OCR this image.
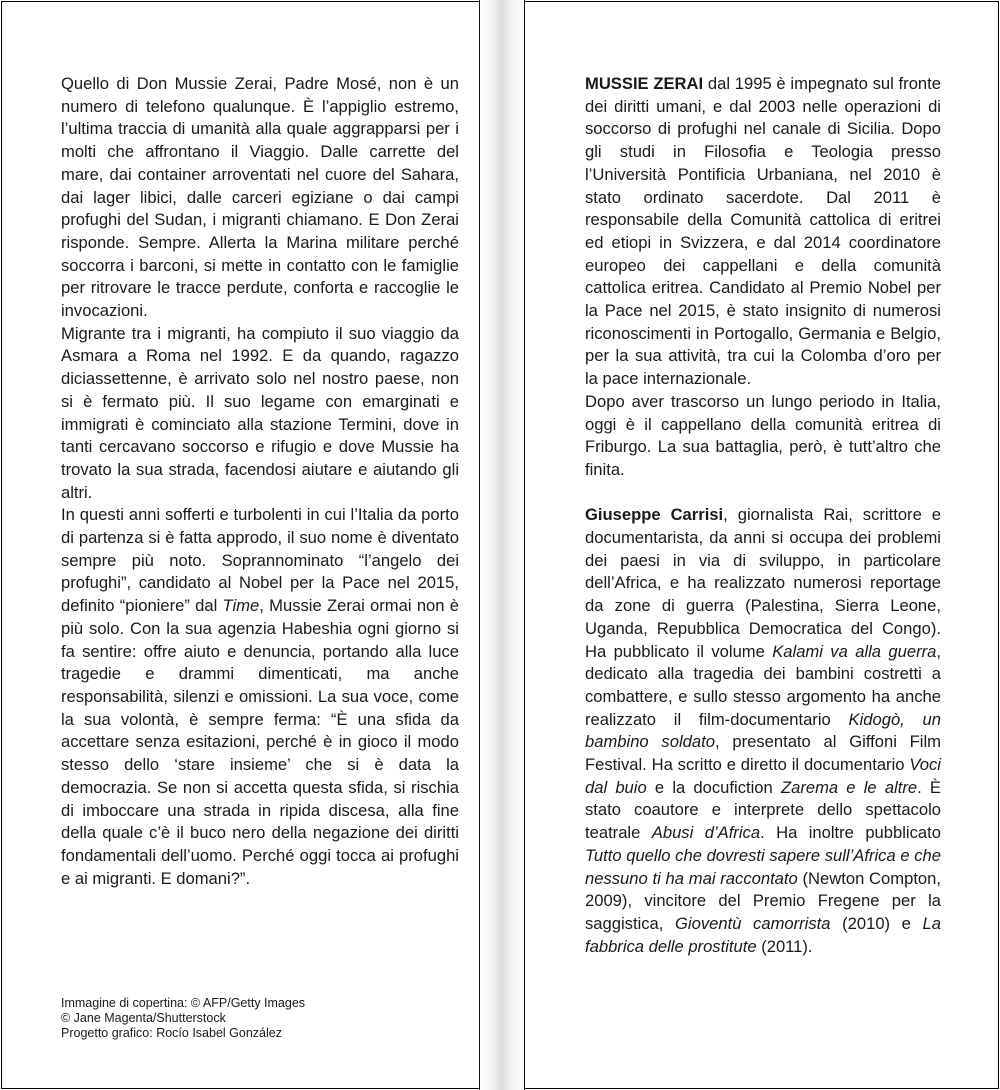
Quello di Don Mussie Zerai, Padre Mosé, non è un numero di telefono qualunque. È l’appiglio estremo, l’ultima traccia di umanità alla quale aggrapparsi per i molti che affrontano il Viaggio. Dalle carrette del mare, dai container arroventati nel cuore del Sahara, dai lager libici, dalle carceri egiziane o dai campi profughi del Sudan, i migranti chiamano. E Don Zerai risponde. Sempre. Allerta la Marina militare perché soccorra i barconi, si mette in contatto con le famiglie per ritrovare le tracce perdute, conforta e raccoglie le invocazioni.

Migrante tra i migranti, ha compiuto il suo viaggio da Asmara a Roma nel 1992. E da quando, ragazzo diciassettenne, è arrivato solo nel nostro paese, non si è fermato più. Il suo legame con emarginati e immigrati è cominciato alla stazione Termini, dove in tanti cercavano soccorso e rifugio e dove Mussie ha trovato la sua strada, facendosi aiutare e aiutando gli altri.

In questi anni sofferti e turbolenti in cui l’Italia da porto di partenza si è fatta approdo, il suo nome è diventato sempre più noto. Soprannominato “l’angelo dei profughi”, candidato al Nobel per la Pace nel 2015, definito “pioniere” dal Time, Mussie Zerai ormai non è più solo. Con la sua agenzia Habeshia ogni giorno si fa sentire: offre aiuto e denuncia, portando alla luce tragedie e drammi dimenticati, ma anche responsabilità, silenzi e omissioni. La sua voce, come la sua volontà, è sempre ferma: “È una sfida da accettare senza esitazioni, perché è in gioco il modo stesso dello ‘stare insieme’ che si è data la democrazia. Se non si accetta questa sfida, si rischia di imboccare una strada in ripida discesa, alla fine della quale c’è il buco nero della negazione dei diritti fondamentali dell’uomo. Perché oggi tocca ai profughi e ai migranti. E domani?”.

Immagine di copertina: © AFP/Getty Images
© Jane Magenta/Shutterstock
Progetto grafico: Rocío Isabel González

MUSSIE ZERAI dal 1995 è impegnato sul fronte dei diritti umani, e dal 2003 nelle operazioni di soccorso di profughi nel canale di Sicilia. Dopo gli studi in Filosofia e Teologia presso l’Università Pontificia Urbaniana, nel 2010 è stato ordinato sacerdote. Dal 2011 è responsabile della Comunità cattolica di eritrei ed etiopi in Svizzera, e dal 2014 coordinatore europeo dei cappellani e della comunità cattolica eritrea. Candidato al Premio Nobel per la Pace nel 2015, è stato insignito di numerosi riconoscimenti in Portogallo, Germania e Belgio, per la sua attività, tra cui la Colomba d’oro per la pace internazionale.

Dopo aver trascorso un lungo periodo in Italia, oggi è il cappellano della comunità eritrea di Friburgo. La sua battaglia, però, è tutt’altro che finita.

Giuseppe Carrisi, giornalista Rai, scrittore e documentarista, da anni si occupa dei problemi dei paesi in via di sviluppo, in particolare dell’Africa, e ha realizzato numerosi reportage da zone di guerra (Palestina, Sierra Leone, Uganda, Repubblica Democratica del Congo). Ha pubblicato il volume Kalami va alla guerra, dedicato alla tragedia dei bambini costretti a combattere, e sullo stesso argomento ha anche realizzato il film-documentario Kidogò, un bambino soldato, presentato al Giffoni Film Festival. Ha scritto e diretto il documentario Voci dal buio e la docufiction Zarema e le altre. È stato coautore e interprete dello spettacolo teatrale Abusi d’Africa. Ha inoltre pubblicato Tutto quello che dovresti sapere sull’Africa e che nessuno ti ha mai raccontato (Newton Compton, 2009), vincitore del Premio Fregene per la saggistica, Gioventù camorrista (2010) e La fabbrica delle prostitute (2011).
